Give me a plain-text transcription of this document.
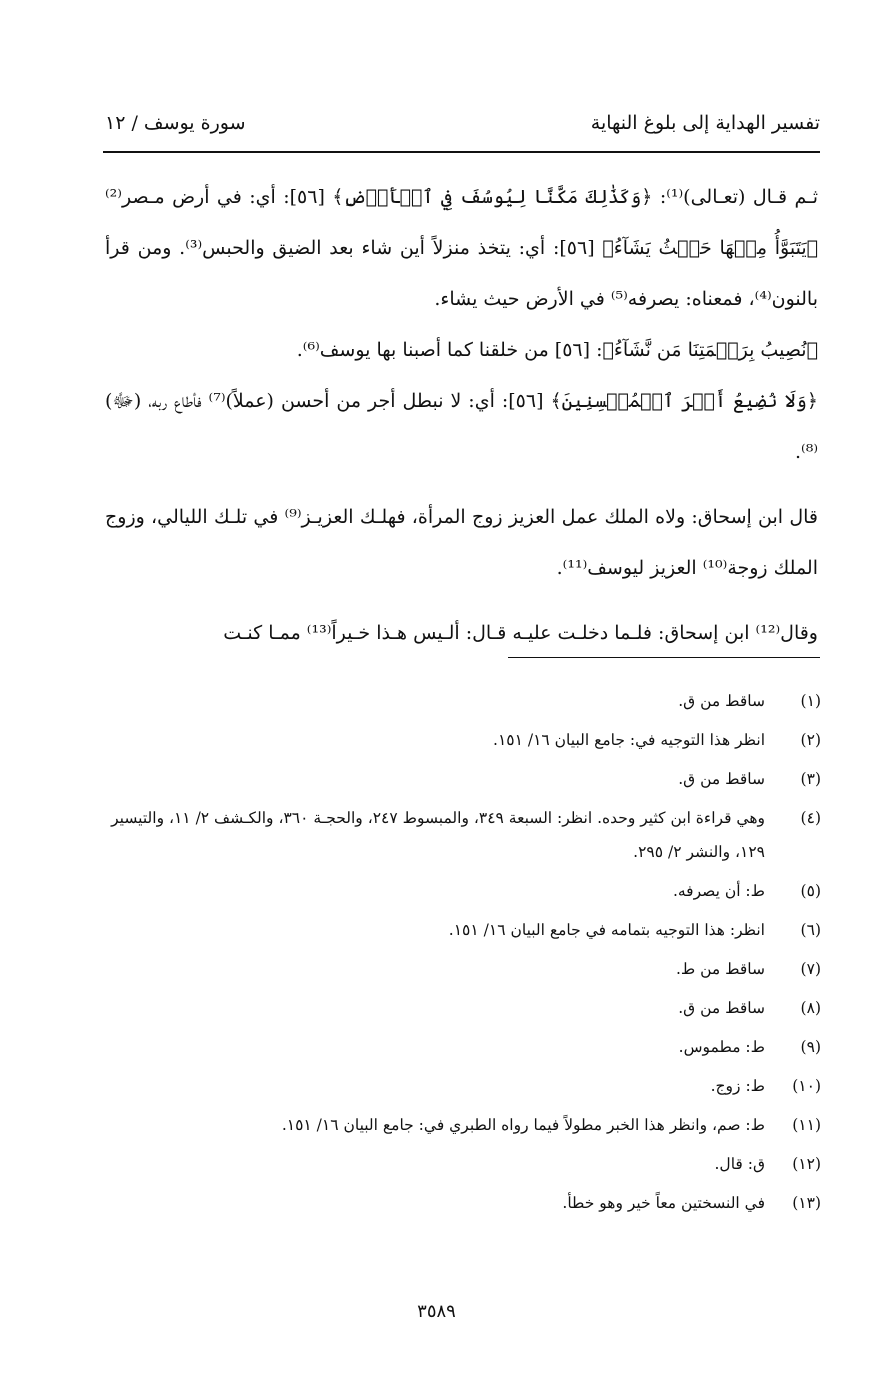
تفسير الهداية إلى بلوغ النهاية
سورة يوسف / ١٢

ثـم قـال (تعـالى)⁽¹⁾: ﴿وَكَذَٰلِكَ مَكَّنَّا لِيُوسُفَ فِي ٱلۡأَرۡضِ﴾ [٥٦]: أي: في أرض مـصر⁽²⁾ ﴿يَتَبَوَّأُ مِنۡهَا حَيۡثُ يَشَآءُ﴾ [٥٦]: أي: يتخذ منزلاً أين شاء بعد الضيق والحبس⁽³⁾. ومن قرأ بالنون⁽⁴⁾، فمعناه: يصرفه⁽⁵⁾ في الأرض حيث يشاء.

﴿نُصِيبُ بِرَحۡمَتِنَا مَن نَّشَآءُ﴾: [٥٦] من خلقنا كما أصبنا بها يوسف⁽⁶⁾.

﴿وَلَا نُضِيعُ أَجۡرَ ٱلۡمُحۡسِنِينَ﴾ [٥٦]: أي: لا نبطل أجر من أحسن (عملاً)⁽⁷⁾ فأطاع ربه، (ﷻ)⁽⁸⁾.

قال ابن إسحاق: ولاه الملك عمل العزيز زوج المرأة، فهلـك العزيـز⁽⁹⁾ في تلـك الليالي، وزوج الملك زوجة⁽¹⁰⁾ العزيز ليوسف⁽¹¹⁾.

وقال⁽¹²⁾ ابن إسحاق: فلـما دخلـت عليـه قـال: ألـيس هـذا خـيراً⁽¹³⁾ ممـا كنـت

(١)
ساقط من ق.
(٢)
انظر هذا التوجيه في: جامع البيان ١٦/ ١٥١.
(٣)
ساقط من ق.
(٤)
وهي قراءة ابن كثير وحده. انظر: السبعة ٣٤٩، والمبسوط ٢٤٧، والحجـة ٣٦٠، والكـشف ٢/ ١١، والتيسير ١٢٩، والنشر ٢/ ٢٩٥.
(٥)
ط: أن يصرفه.
(٦)
انظر: هذا التوجيه بتمامه في جامع البيان ١٦/ ١٥١.
(٧)
ساقط من ط.
(٨)
ساقط من ق.
(٩)
ط: مطموس.
(١٠)
ط: زوج.
(١١)
ط: صم، وانظر هذا الخبر مطولاً فيما رواه الطبري في: جامع البيان ١٦/ ١٥١.
(١٢)
ق: قال.
(١٣)
في النسختين معاً خير وهو خطأ.
٣٥٨٩
